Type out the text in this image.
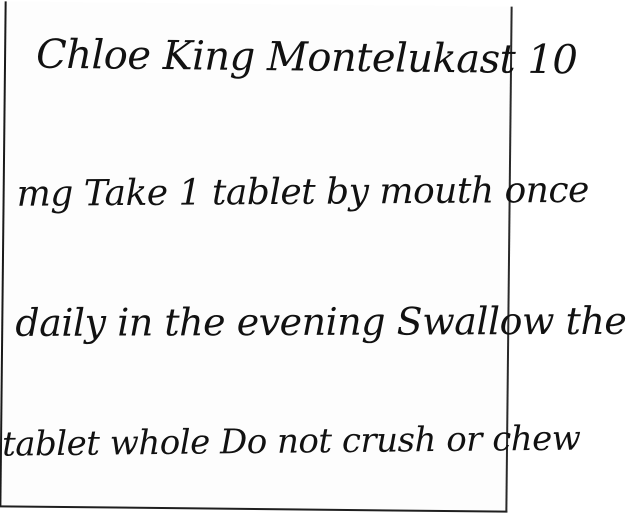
Chloe King Montelukast 10

mg Take 1 tablet by mouth once

daily in the evening Swallow the

tablet whole Do not crush or chew
